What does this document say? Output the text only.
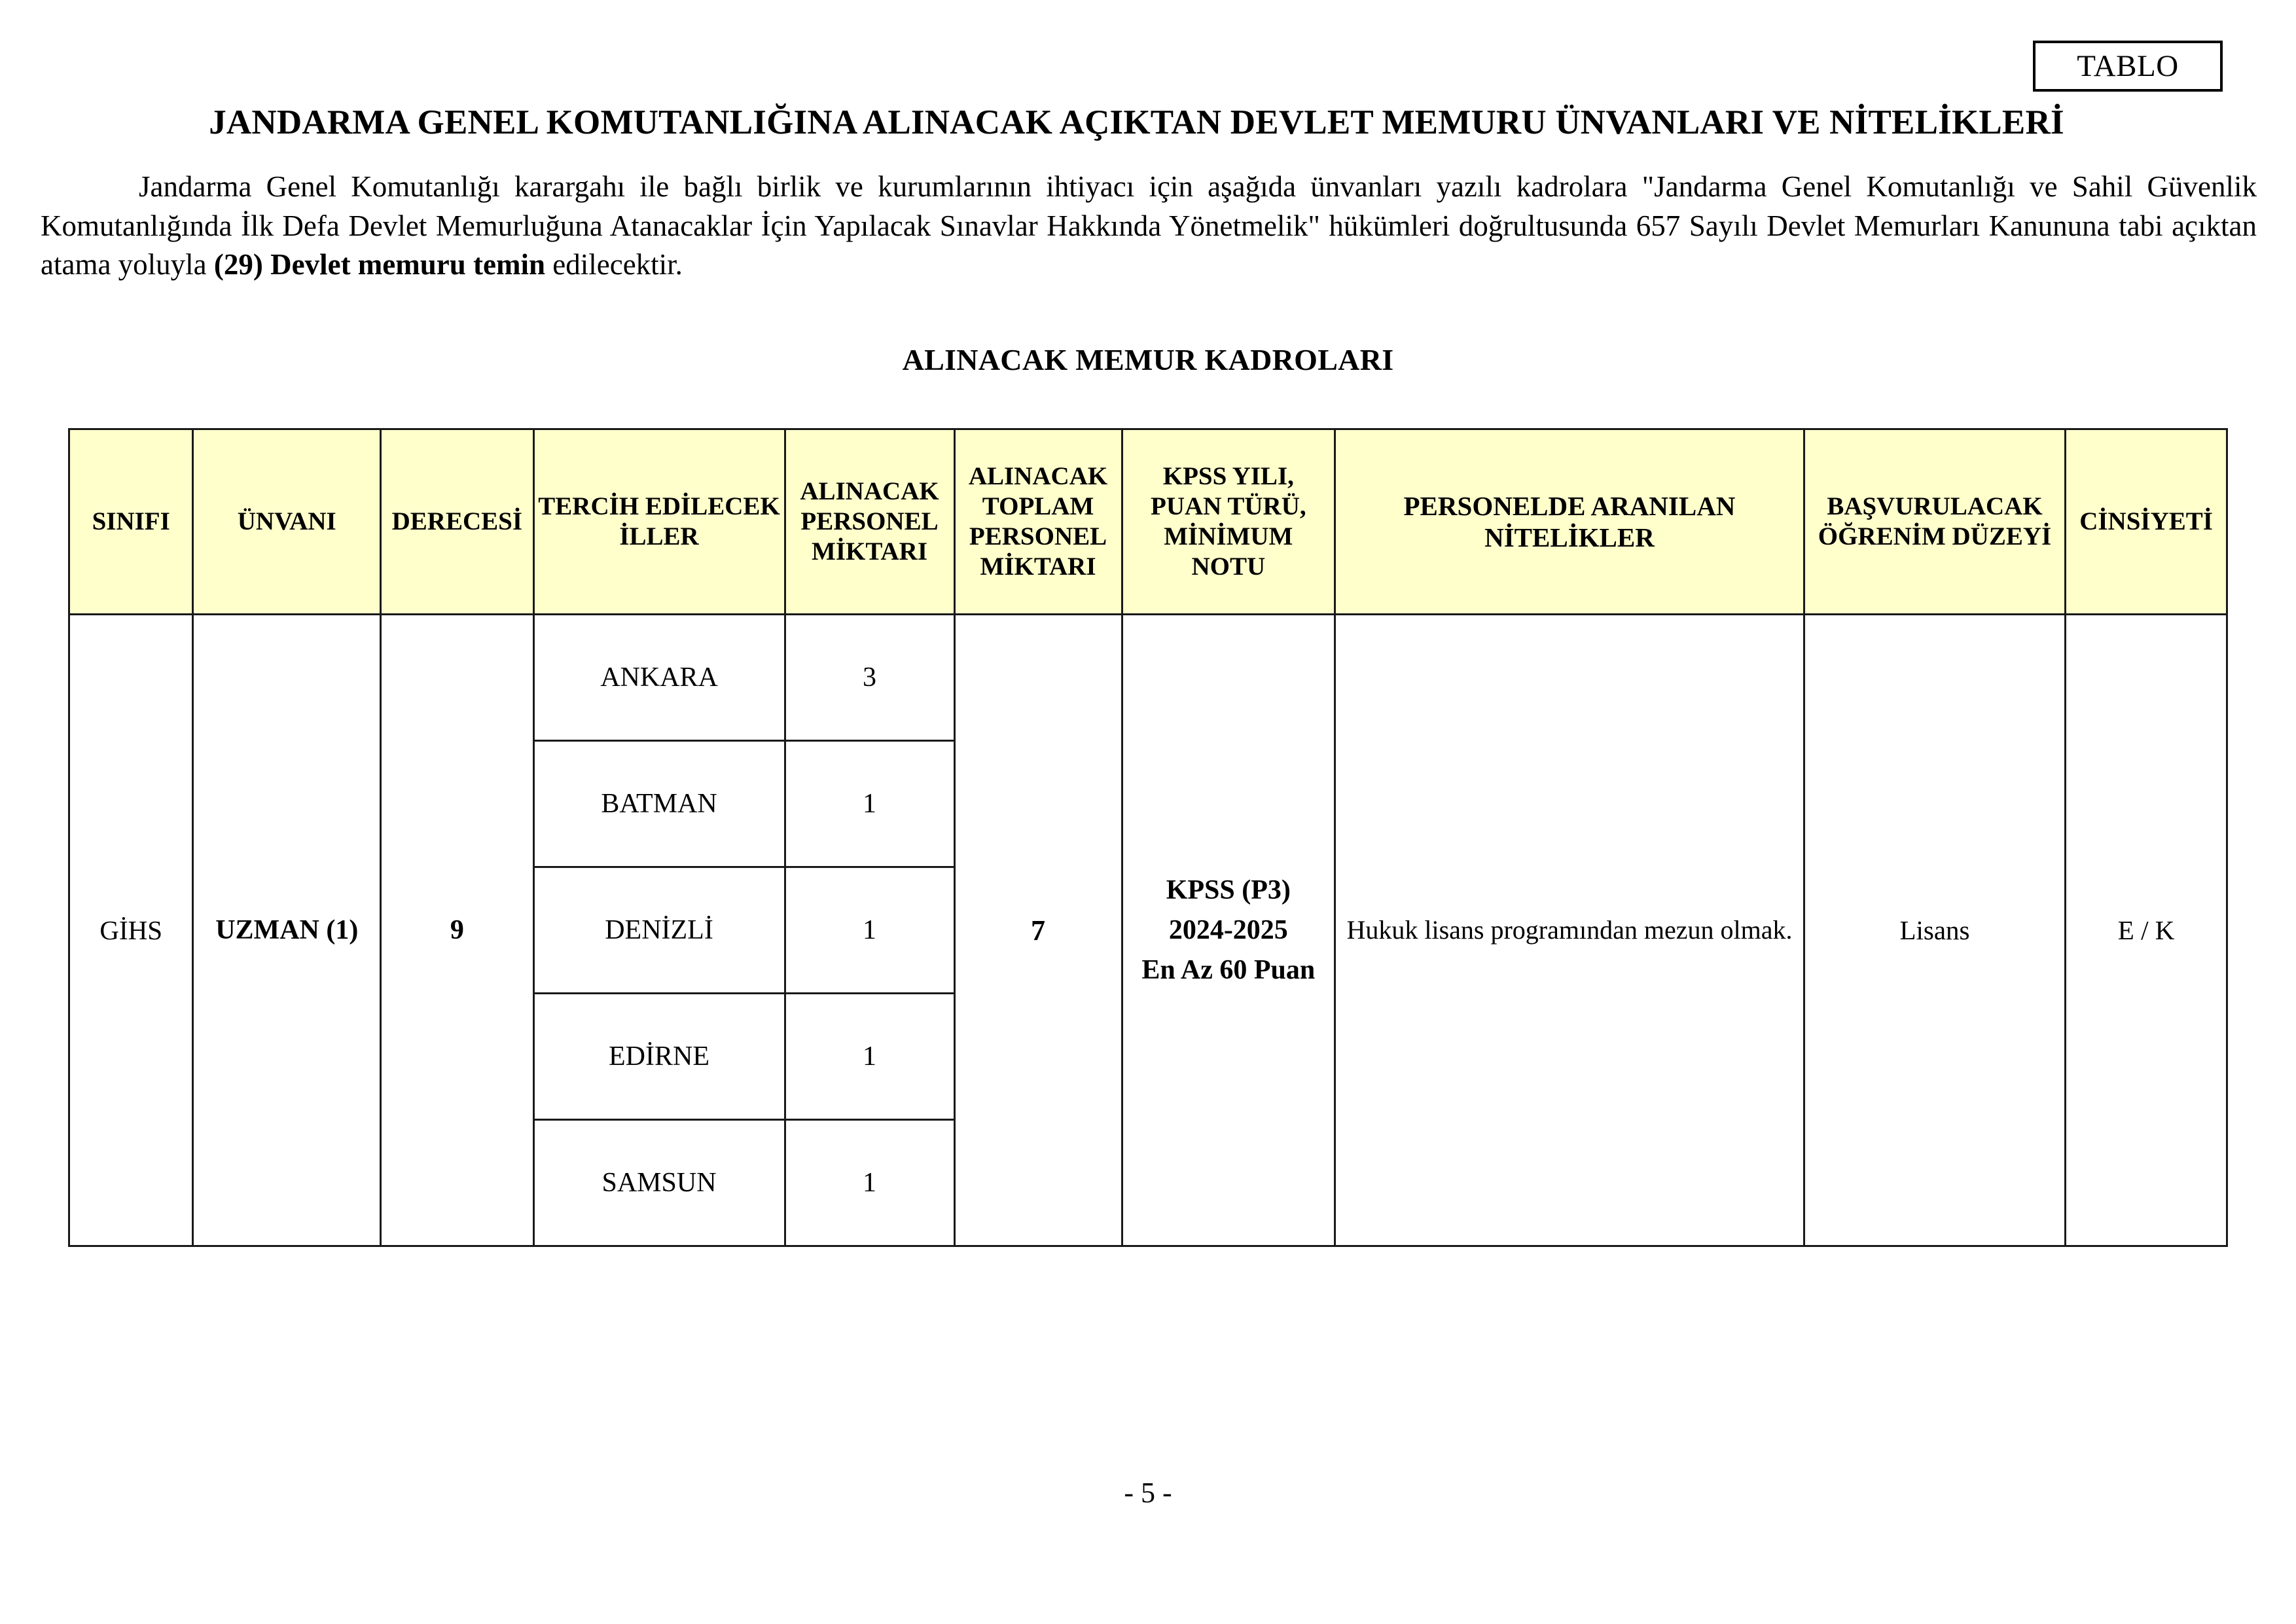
TABLO
JANDARMA GENEL KOMUTANLIĞINA ALINACAK AÇIKTAN DEVLET MEMURU ÜNVANLARI VE NİTELİKLERİ

Jandarma Genel Komutanlığı karargahı ile bağlı birlik ve kurumlarının ihtiyacı için aşağıda ünvanları yazılı kadrolara "Jandarma Genel Komutanlığı ve Sahil Güvenlik Komutanlığında İlk Defa Devlet Memurluğuna Atanacaklar İçin Yapılacak Sınavlar Hakkında Yönetmelik" hükümleri doğrultusunda 657 Sayılı Devlet Memurları Kanununa tabi açıktan atama yoluyla (29) Devlet memuru temin edilecektir.

ALINACAK MEMUR KADROLARI
SINIFI	ÜNVANI	DERECESİ	TERCİH EDİLECEK İLLER	ALINACAK PERSONEL MİKTARI	ALINACAK TOPLAM PERSONEL MİKTARI	KPSS YILI, PUAN TÜRÜ, MİNİMUM NOTU	PERSONELDE ARANILAN NİTELİKLER	BAŞVURULACAK ÖĞRENİM DÜZEYİ	CİNSİYETİ
GİHS	UZMAN (1)	9	ANKARA	3	7	KPSS (P3)
2024-2025
En Az 60 Puan	Hukuk lisans programından mezun olmak.	Lisans	E / K
			BATMAN	1					
			DENİZLİ	1					
			EDİRNE	1					
			SAMSUN	1					
- 5 -
